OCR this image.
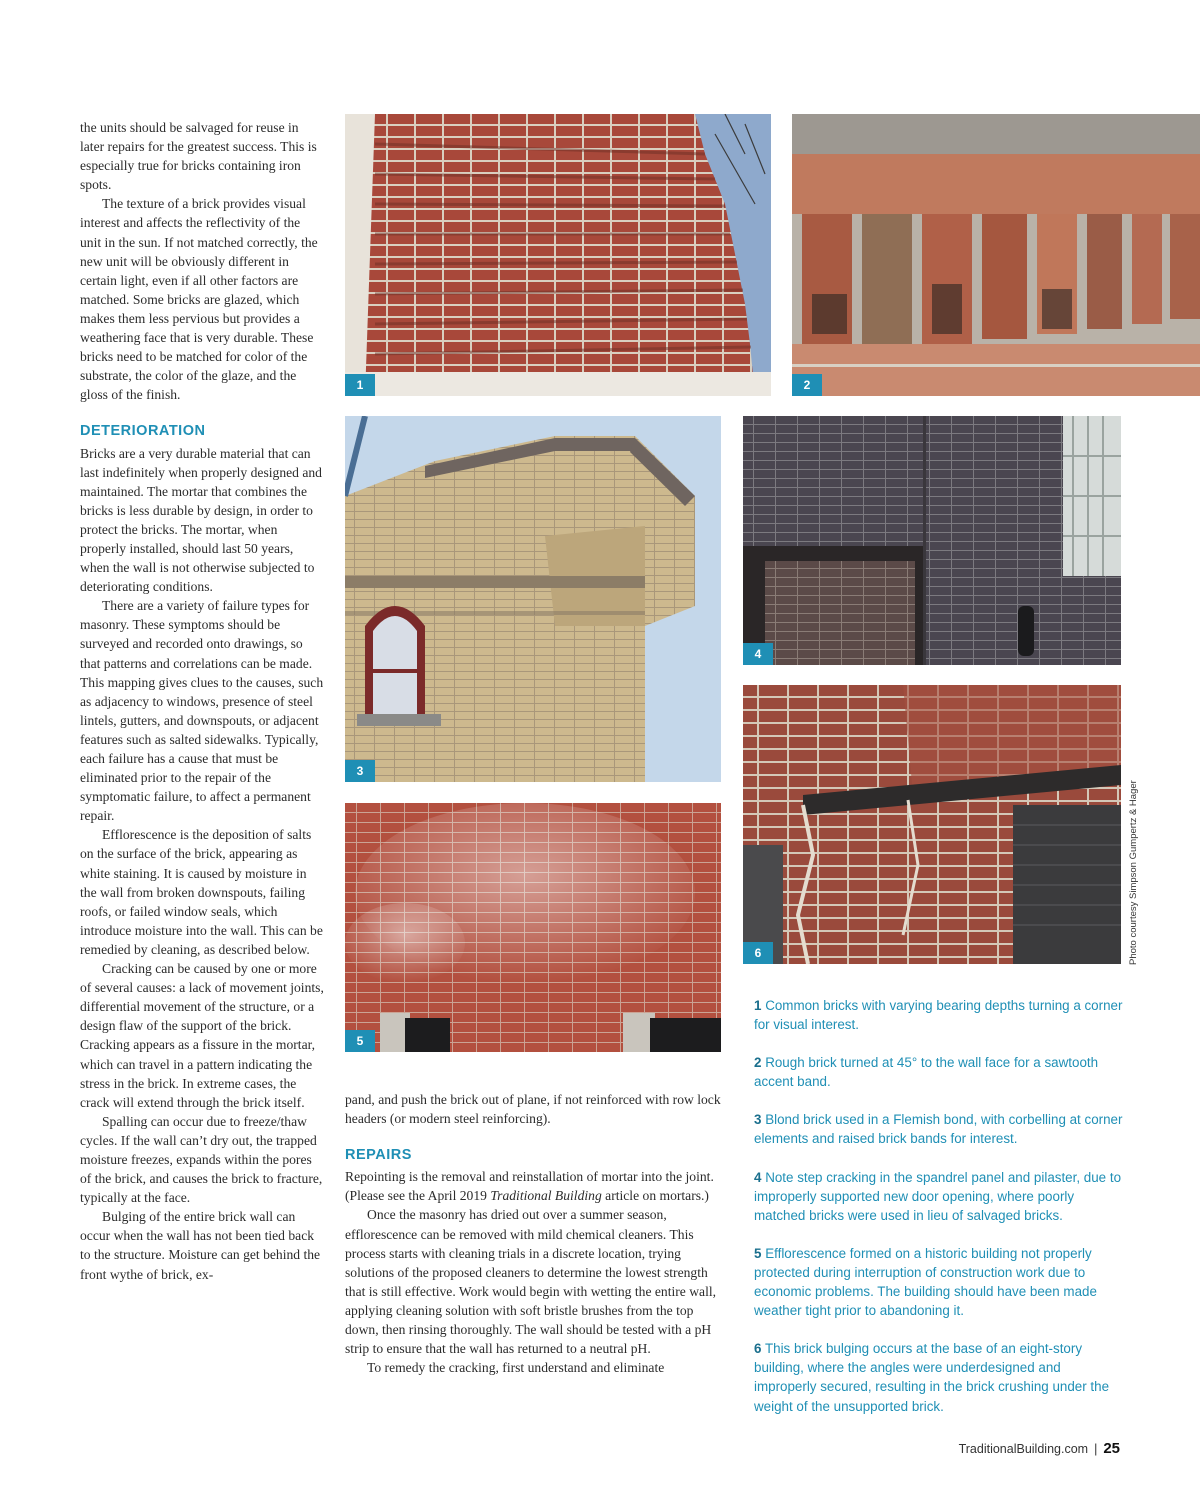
the units should be salvaged for reuse in later repairs for the greatest success. This is especially true for bricks containing iron spots.

The texture of a brick provides visual interest and affects the reflectivity of the unit in the sun. If not matched correctly, the new unit will be obviously different in certain light, even if all other factors are matched. Some bricks are glazed, which makes them less pervious but provides a weathering face that is very durable. These bricks need to be matched for color of the substrate, the color of the glaze, and the gloss of the finish.

DETERIORATION

Bricks are a very durable material that can last indefinitely when properly designed and maintained. The mortar that combines the bricks is less durable by design, in order to protect the bricks. The mortar, when properly installed, should last 50 years, when the wall is not otherwise subjected to deteriorating conditions.

There are a variety of failure types for masonry. These symptoms should be surveyed and recorded onto drawings, so that patterns and correlations can be made. This mapping gives clues to the causes, such as adjacency to windows, presence of steel lintels, gutters, and downspouts, or adjacent features such as salted sidewalks. Typically, each failure has a cause that must be eliminated prior to the repair of the symptomatic failure, to affect a permanent repair.

Efflorescence is the deposition of salts on the surface of the brick, appearing as white staining. It is caused by moisture in the wall from broken downspouts, failing roofs, or failed window seals, which introduce moisture into the wall. This can be remedied by cleaning, as described below.

Cracking can be caused by one or more of several causes: a lack of movement joints, differential movement of the structure, or a design flaw of the support of the brick. Cracking appears as a fissure in the mortar, which can travel in a pattern indicating the stress in the brick. In extreme cases, the crack will extend through the brick itself.

Spalling can occur due to freeze/thaw cycles. If the wall can’t dry out, the trapped moisture freezes, expands within the pores of the brick, and causes the brick to fracture, typically at the face.

Bulging of the entire brick wall can occur when the wall has not been tied back to the structure. Moisture can get behind the front wythe of brick, ex-

1	2
3
4
5
6	Photo courtesy Simpson Gumpertz & Hager

pand, and push the brick out of plane, if not reinforced with row lock headers (or modern steel reinforcing).

REPAIRS

Repointing is the removal and reinstallation of mortar into the joint. (Please see the April 2019 Traditional Building article on mortars.)

Once the masonry has dried out over a summer season, efflorescence can be removed with mild chemical cleaners. This process starts with cleaning trials in a discrete location, trying solutions of the proposed cleaners to determine the lowest strength that is still effective. Work would begin with wetting the entire wall, applying cleaning solution with soft bristle brushes from the top down, then rinsing thoroughly. The wall should be tested with a pH strip to ensure that the wall has returned to a neutral pH.

To remedy the cracking, first understand and eliminate

1 Common bricks with varying bearing depths turning a corner for visual interest.

2 Rough brick turned at 45° to the wall face for a sawtooth accent band.

3 Blond brick used in a Flemish bond, with corbelling at corner elements and raised brick bands for interest.

4 Note step cracking in the spandrel panel and pilaster, due to improperly supported new door opening, where poorly matched bricks were used in lieu of salvaged bricks.

5 Efflorescence formed on a historic building not properly protected during interruption of construction work due to economic problems. The building should have been made weather tight prior to abandoning it.

6 This brick bulging occurs at the base of an eight-story building, where the angles were underdesigned and improperly secured, resulting in the brick crushing under the weight of the unsupported brick.

TraditionalBuilding.com | 25
